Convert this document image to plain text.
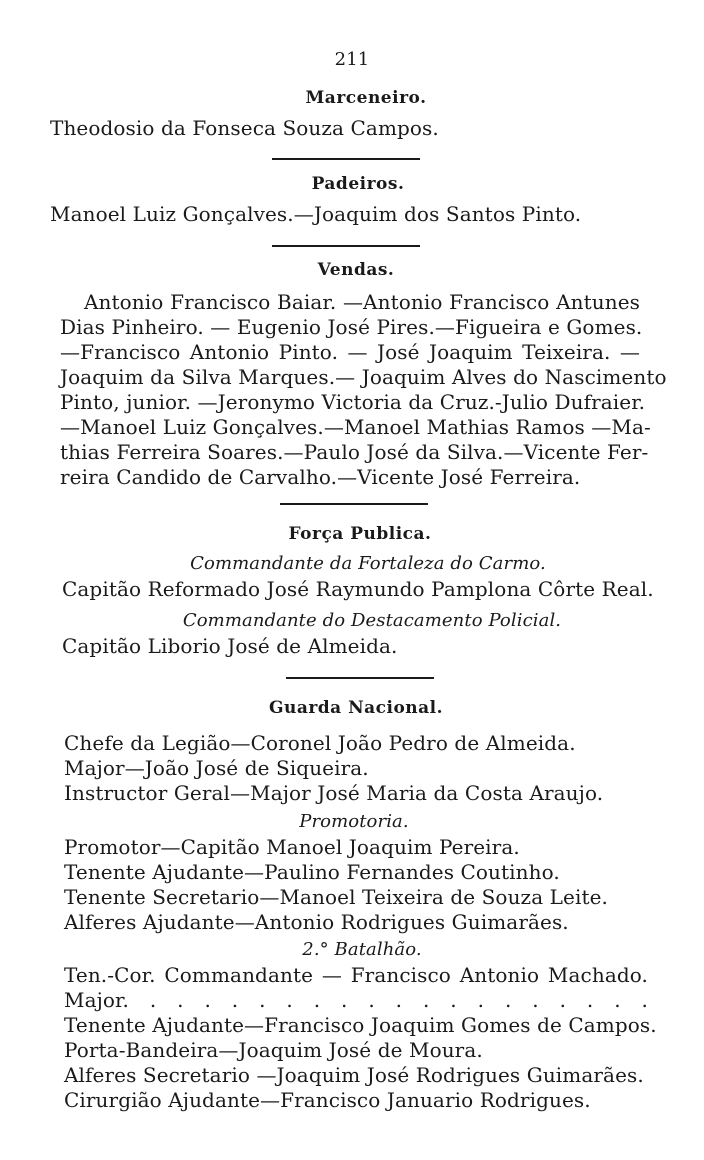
211
Marceneiro.
Theodosio da Fonseca Souza Campos.
Padeiros.
Manoel Luiz Gonçalves.—Joaquim dos Santos Pinto.
Vendas.
Antonio Francisco Baiar. —Antonio Francisco Antunes
Dias Pinheiro. — Eugenio José Pires.—Figueira e Gomes.
—Francisco Antonio Pinto. — José Joaquim Teixeira. —
Joaquim da Silva Marques.— Joaquim Alves do Nascimento
Pinto, junior. —Jeronymo Victoria da Cruz.-Julio Dufraier.
—Manoel Luiz Gonçalves.—Manoel Mathias Ramos —Ma-
thias Ferreira Soares.—Paulo José da Silva.—Vicente Fer-
reira Candido de Carvalho.—Vicente José Ferreira.
Força Publica.
Commandante da Fortaleza do Carmo.
Capitão Reformado José Raymundo Pamplona Côrte Real.
Commandante do Destacamento Policial.
Capitão Liborio José de Almeida.
Guarda Nacional.
Chefe da Legião—Coronel João Pedro de Almeida.
Major—João José de Siqueira.
Instructor Geral—Major José Maria da Costa Araujo.
Promotoria.
Promotor—Capitão Manoel Joaquim Pereira.
Tenente Ajudante—Paulino Fernandes Coutinho.
Tenente Secretario—Manoel Teixeira de Souza Leite.
Alferes Ajudante—Antonio Rodrigues Guimarães.
2.° Batalhão.
Ten.-Cor. Commandante — Francisco Antonio Machado.
Major. . . . . . . . . . . . . . . . . . . .
Tenente Ajudante—Francisco Joaquim Gomes de Campos.
Porta-Bandeira—Joaquim José de Moura.
Alferes Secretario —Joaquim José Rodrigues Guimarães.
Cirurgião Ajudante—Francisco Januario Rodrigues.
